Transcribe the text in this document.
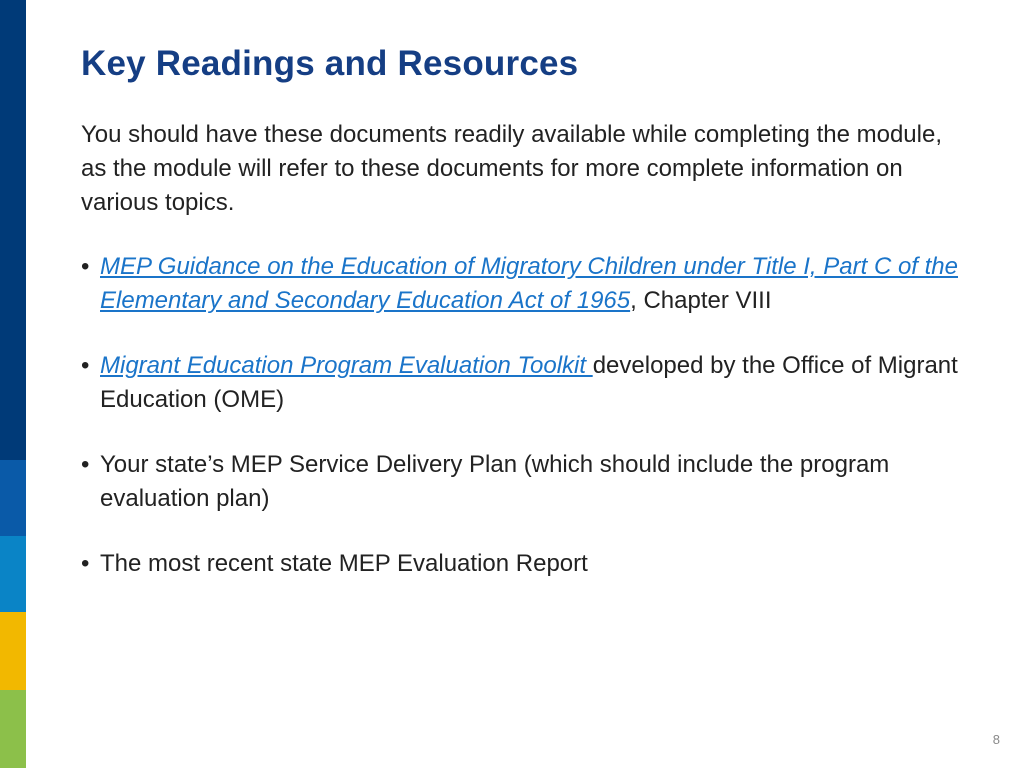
Key Readings and Resources

You should have these documents readily available while completing the module, as the module will refer to these documents for more complete information on various topics.

• MEP Guidance on the Education of Migratory Children under Title I, Part C of the Elementary and Secondary Education Act of 1965, Chapter VIII
• Migrant Education Program Evaluation Toolkit developed by the Office of Migrant Education (OME)
• Your state’s MEP Service Delivery Plan (which should include the program evaluation plan)
• The most recent state MEP Evaluation Report
8
